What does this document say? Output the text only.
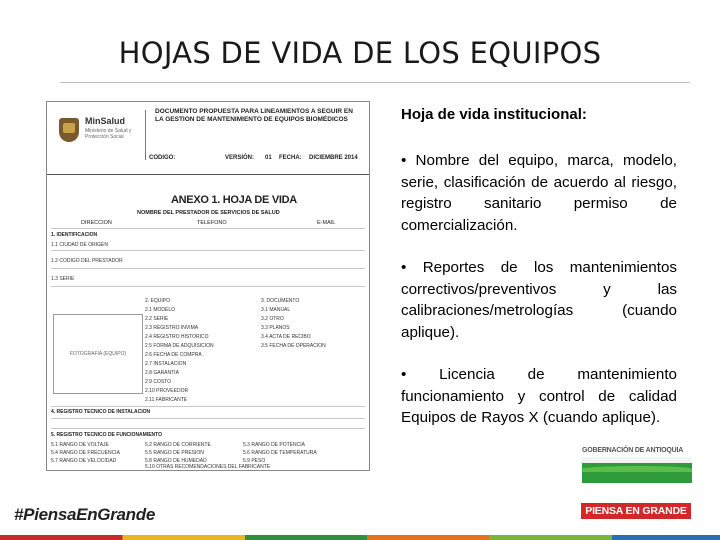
HOJAS DE VIDA DE LOS EQUIPOS
MinSalud
Ministerio de Salud y Protección Social
DOCUMENTO PROPUESTA PARA LINEAMIENTOS A SEGUIR EN LA GESTION DE MANTENIMIENTO DE EQUIPOS BIOMÉDICOS
CODIGO:	VERSIÓN: 01 FECHA: DICIEMBRE 2014
ANEXO 1. HOJA DE VIDA
NOMBRE DEL PRESTADOR DE SERVICIOS DE SALUD
DIRECCION	TELEFONO	E-MAIL
1. IDENTIFICACION
1.1 CIUDAD DE ORIGEN
1.2 CODIGO DEL PRESTADOR
1.3 SERIE
FOTOGRAFÍA (EQUIPO)
2. EQUIPO
2.1 MODELO
2.2 SERIE
2.3 REGISTRO INVIMA
2.4 REGISTRO HISTORICO
2.5 FORMA DE ADQUISICION
2.6 FECHA DE COMPRA
2.7 INSTALACION
2.8 GARANTIA
2.9 COSTO
2.10 PROVEEDOR
2.11 FABRICANTE
3. DOCUMENTO
3.1 MANUAL
3.2 OTRO
3.3 PLANOS
3.4 ACTA DE RECIBO
3.5 FECHA DE OPERACION
4. REGISTRO TECNICO DE INSTALACION
5. REGISTRO TECNICO DE FUNCIONAMIENTO
5.1 RANGO DE VOLTAJE	5.2 RANGO DE CORRIENTE	5.3 RANGO DE POTENCIA
5.4 RANGO DE FRECUENCIA	5.5 RANGO DE PRESION	5.6 RANGO DE TEMPERATURA
5.7 RANGO DE VELOCIDAD	5.8 RANGO DE HUMEDAD	5.9 PESO
5.10 OTRAS RECOMENDACIONES DEL FABRICANTE
Hoja de vida institucional:
• Nombre del equipo, marca, modelo, serie, clasificación de acuerdo al riesgo, registro sanitario permiso de comercialización.
• Reportes de los mantenimientos correctivos/preventivos y las calibraciones/metrologías (cuando aplique).
• Licencia de mantenimiento funcionamiento y control de calidad Equipos de Rayos X (cuando aplique).
GOBERNACIÓN DE ANTIOQUIA
PIENSA EN GRANDE
#PiensaEnGrande
